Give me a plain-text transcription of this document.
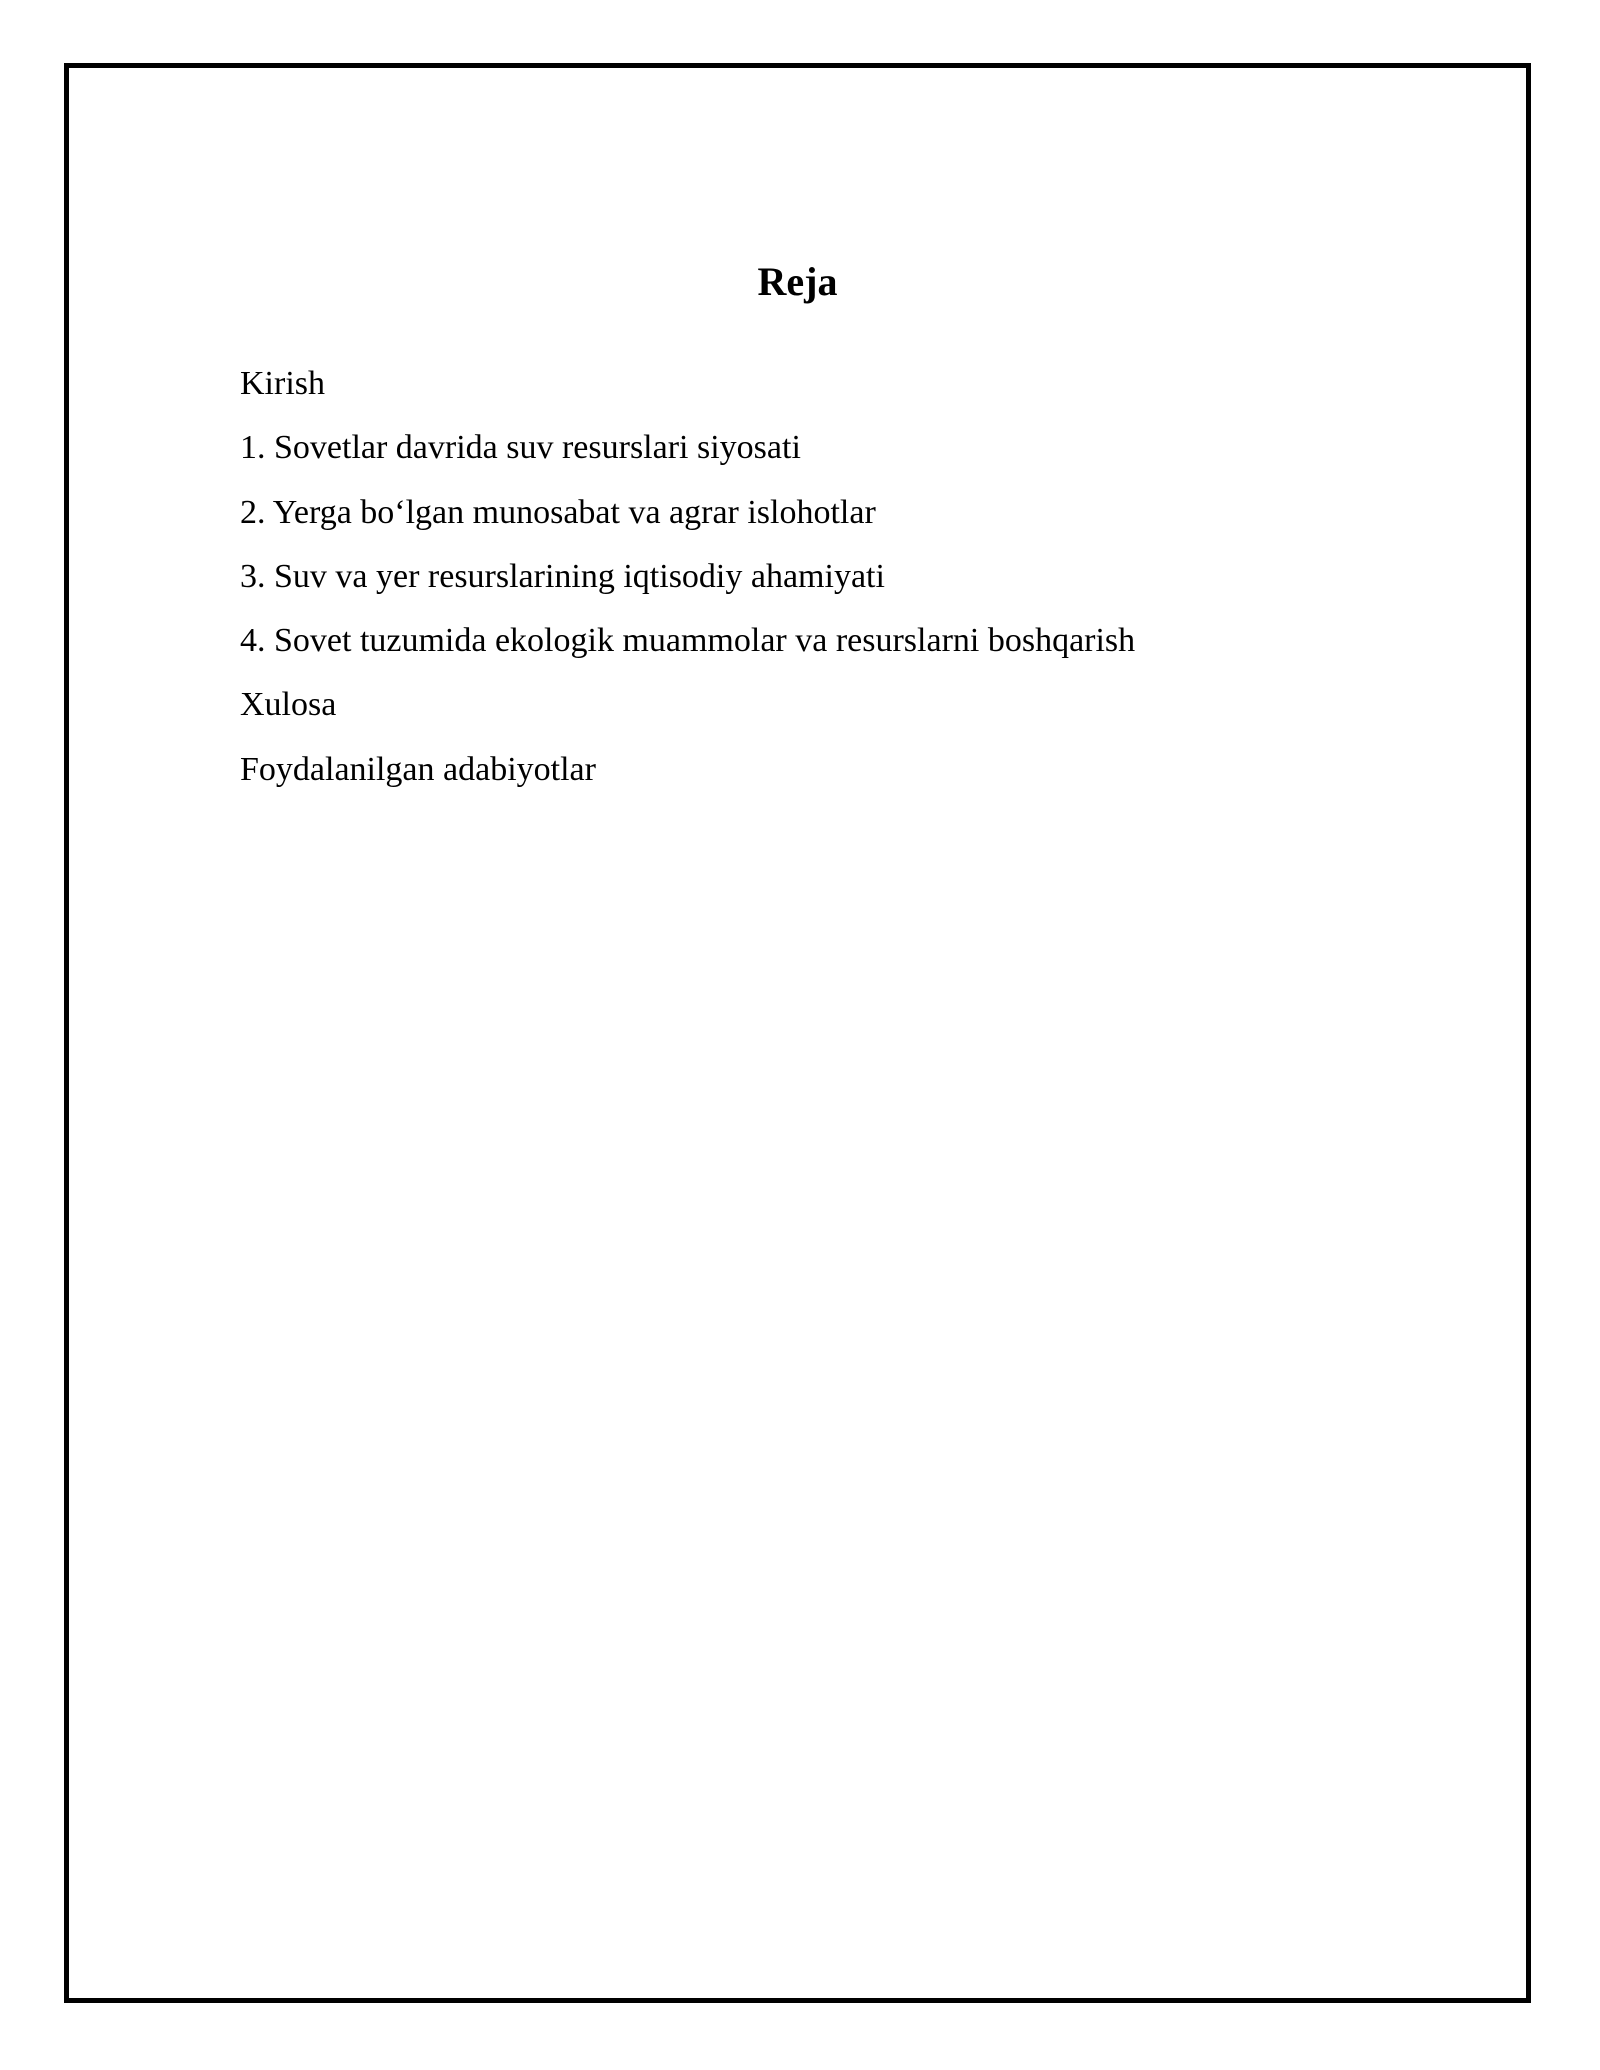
Reja
Kirish
1. Sovetlar davrida suv resurslari siyosati
2. Yerga bo‘lgan munosabat va agrar islohotlar
3. Suv va yer resurslarining iqtisodiy ahamiyati
4. Sovet tuzumida ekologik muammolar va resurslarni boshqarish
Xulosa
Foydalanilgan adabiyotlar
